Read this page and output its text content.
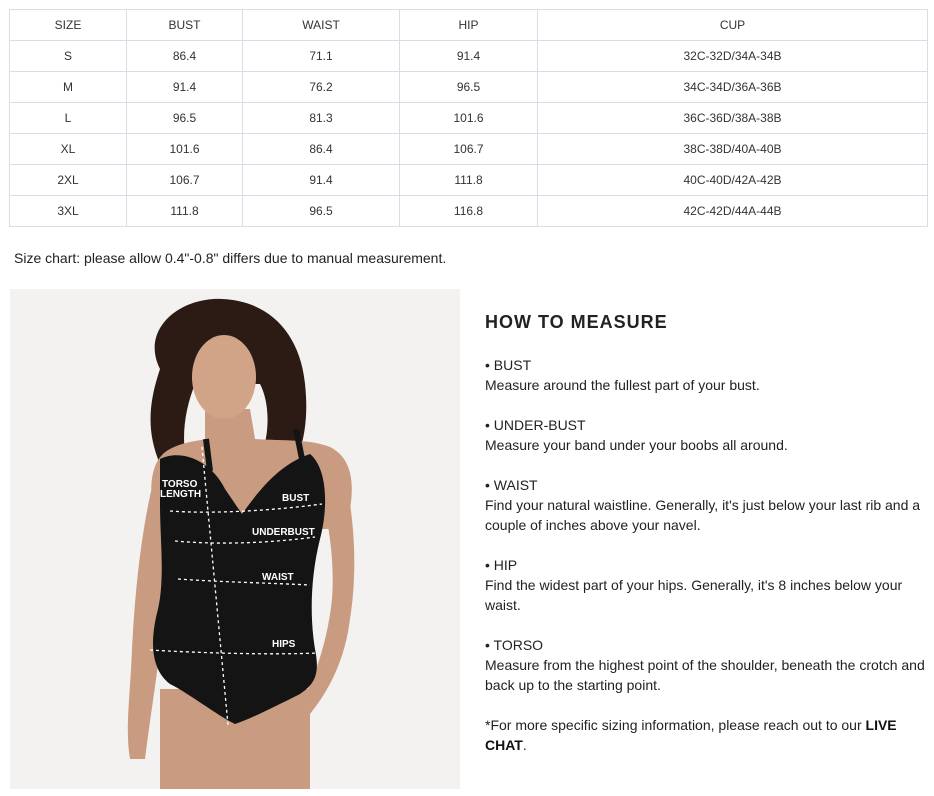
SIZE	BUST	WAIST	HIP	CUP
S	86.4	71.1	91.4	32C-32D/34A-34B
M	91.4	76.2	96.5	34C-34D/36A-36B
L	96.5	81.3	101.6	36C-36D/38A-38B
XL	101.6	86.4	106.7	38C-38D/40A-40B
2XL	106.7	91.4	111.8	40C-40D/42A-42B
3XL	111.8	96.5	116.8	42C-42D/44A-44B
Size chart: please allow 0.4"-0.8" differs due to manual measurement.
TORSO
LENGTH	BUST
UNDERBUST
WAIST
HIPS
HOW TO MEASURE
• BUST
Measure around the fullest part of your bust.
• UNDER-BUST
Measure your band under your boobs all around.
• WAIST
Find your natural waistline. Generally, it's just below your last rib and a couple of inches above your navel.
• HIP
Find the widest part of your hips. Generally, it's 8 inches below your waist.
• TORSO
Measure from the highest point of the shoulder, beneath the crotch and back up to the starting point.
*For more specific sizing information, please reach out to our LIVE CHAT.
